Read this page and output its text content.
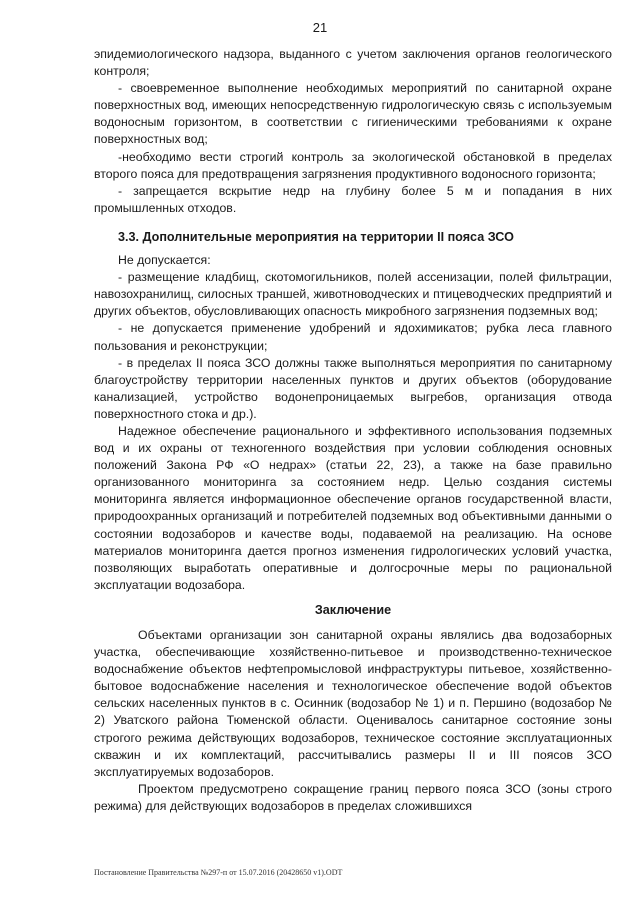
21

эпидемиологического надзора, выданного с учетом заключения органов геологического контроля;

- своевременное выполнение необходимых мероприятий по санитарной охране поверхностных вод, имеющих непосредственную гидрологическую связь с используемым водоносным горизонтом, в соответствии с гигиеническими требованиями к охране поверхностных вод;

-необходимо вести строгий контроль за экологической обстановкой в пределах второго пояса для предотвращения загрязнения продуктивного водоносного горизонта;

- запрещается вскрытие недр на глубину более 5 м и попадания в них промышленных отходов.

3.3. Дополнительные мероприятия на территории II пояса ЗСО

Не допускается:

- размещение кладбищ, скотомогильников, полей ассенизации, полей фильтрации, навозохранилищ, силосных траншей, животноводческих и птицеводческих предприятий и других объектов, обусловливающих опасность микробного загрязнения подземных вод;

- не допускается применение удобрений и ядохимикатов; рубка леса главного пользования и реконструкции;

- в пределах II пояса ЗСО должны также выполняться мероприятия по санитарному благоустройству территории населенных пунктов и других объектов (оборудование канализацией, устройство водонепроницаемых выгребов, организация отвода поверхностного стока и др.).

Надежное обеспечение рационального и эффективного использования подземных вод и их охраны от техногенного воздействия при условии соблюдения основных положений Закона РФ «О недрах» (статьи 22, 23), а также на базе правильно организованного мониторинга за состоянием недр. Целью создания системы мониторинга является информационное обеспечение органов государственной власти, природоохранных организаций и потребителей подземных вод объективными данными о состоянии водозаборов и качестве воды, подаваемой на реализацию. На основе материалов мониторинга дается прогноз изменения гидрологических условий участка, позволяющих выработать оперативные и долгосрочные меры по рациональной эксплуатации водозабора.

Заключение

Объектами организации зон санитарной охраны являлись два водозаборных участка, обеспечивающие хозяйственно-питьевое и производственно-техническое водоснабжение объектов нефтепромысловой инфраструктуры питьевое, хозяйственно-бытовое водоснабжение населения и технологическое обеспечение водой объектов сельских населенных пунктов в с. Осинник (водозабор № 1) и п. Першино (водозабор № 2) Уватского района Тюменской области. Оценивалось санитарное состояние зоны строгого режима действующих водозаборов, техническое состояние эксплуатационных скважин и их комплектаций, рассчитывались размеры II и III поясов ЗСО эксплуатируемых водозаборов.

Проектом предусмотрено сокращение границ первого пояса ЗСО (зоны строго режима) для действующих водозаборов в пределах сложившихся

Постановление Правительства №297-п от 15.07.2016 (20428650 v1).ODT
